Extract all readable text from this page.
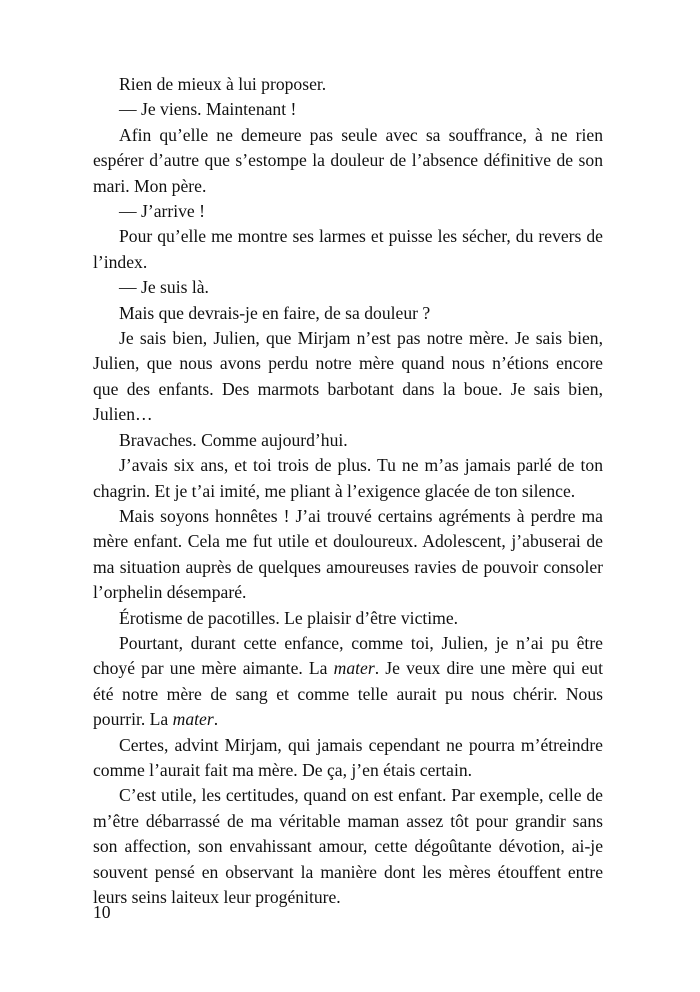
Rien de mieux à lui proposer.

— Je viens. Maintenant !

Afin qu’elle ne demeure pas seule avec sa souffrance, à ne rien espérer d’autre que s’estompe la douleur de l’absence définitive de son mari. Mon père.

— J’arrive !

Pour qu’elle me montre ses larmes et puisse les sécher, du revers de l’index.

— Je suis là.

Mais que devrais-je en faire, de sa douleur ?

Je sais bien, Julien, que Mirjam n’est pas notre mère. Je sais bien, Julien, que nous avons perdu notre mère quand nous n’étions encore que des enfants. Des marmots barbotant dans la boue. Je sais bien, Julien…

Bravaches. Comme aujourd’hui.

J’avais six ans, et toi trois de plus. Tu ne m’as jamais parlé de ton chagrin. Et je t’ai imité, me pliant à l’exigence glacée de ton silence.

Mais soyons honnêtes ! J’ai trouvé certains agréments à perdre ma mère enfant. Cela me fut utile et douloureux. Adolescent, j’abuserai de ma situation auprès de quelques amoureuses ravies de pouvoir consoler l’orphelin désemparé.

Érotisme de pacotilles. Le plaisir d’être victime.

Pourtant, durant cette enfance, comme toi, Julien, je n’ai pu être choyé par une mère aimante. La mater. Je veux dire une mère qui eut été notre mère de sang et comme telle aurait pu nous chérir. Nous pourrir. La mater.

Certes, advint Mirjam, qui jamais cependant ne pourra m’étreindre comme l’aurait fait ma mère. De ça, j’en étais certain.

C’est utile, les certitudes, quand on est enfant. Par exemple, celle de m’être débarrassé de ma véritable maman assez tôt pour grandir sans son affection, son envahissant amour, cette dégoûtante dévotion, ai-je souvent pensé en observant la manière dont les mères étouffent entre leurs seins laiteux leur progéniture.

10
